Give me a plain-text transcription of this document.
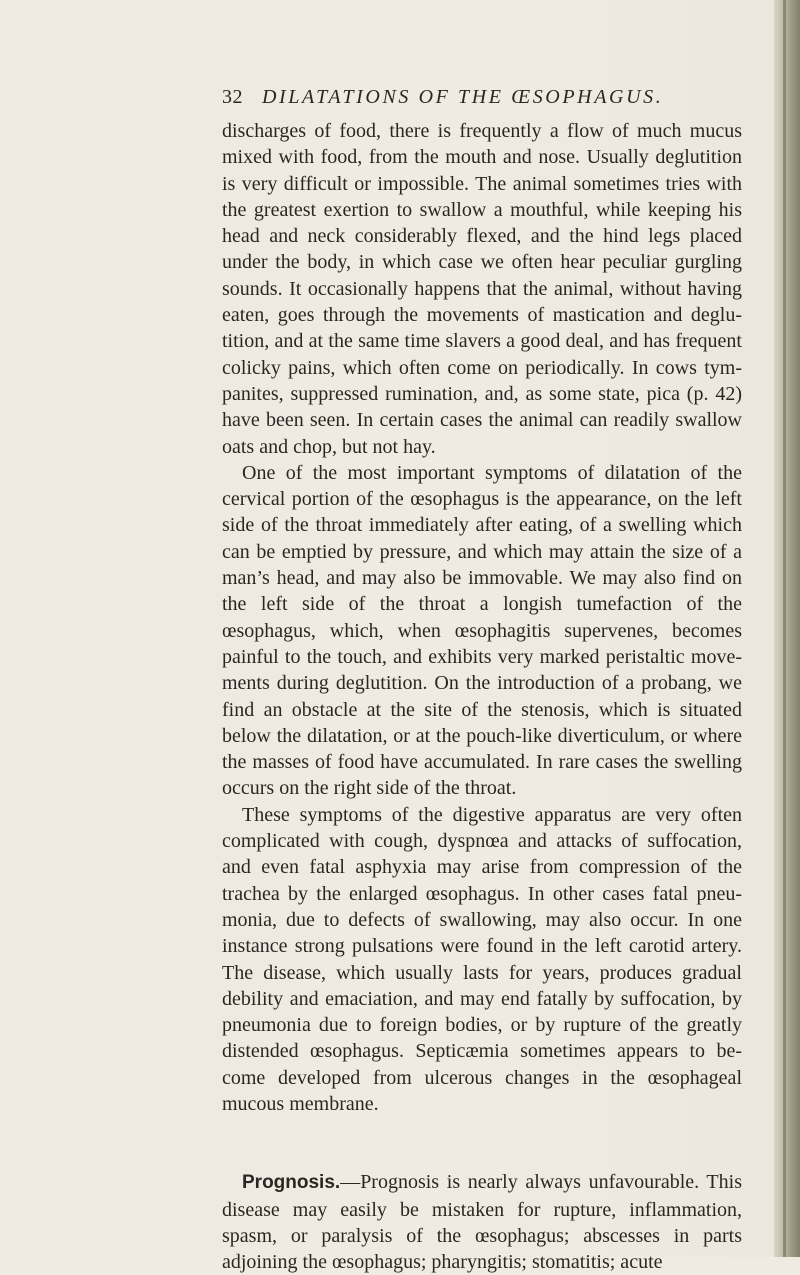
32 DILATATIONS OF THE ŒSOPHAGUS.

discharges of food, there is frequently a flow of much mucus mixed with food, from the mouth and nose. Usually deglutition is very difficult or impossible. The animal sometimes tries with the greatest exertion to swallow a mouthful, while keeping his head and neck considerably flexed, and the hind legs placed under the body, in which case we often hear peculiar gurgling sounds. It occasionally happens that the animal, without having eaten, goes through the movements of mastication and deglu- tition, and at the same time slavers a good deal, and has frequent colicky pains, which often come on periodically. In cows tym- panites, suppressed rumination, and, as some state, pica (p. 42) have been seen. In certain cases the animal can readily swallow oats and chop, but not hay.

One of the most important symptoms of dilatation of the cervical portion of the œsophagus is the appearance, on the left side of the throat immediately after eating, of a swelling which can be emptied by pressure, and which may attain the size of a man’s head, and may also be immovable. We may also find on the left side of the throat a longish tumefaction of the œsophagus, which, when œsophagitis supervenes, becomes painful to the touch, and exhibits very marked peristaltic move- ments during deglutition. On the introduction of a probang, we find an obstacle at the site of the stenosis, which is situated below the dilatation, or at the pouch-like diverticulum, or where the masses of food have accumulated. In rare cases the swelling occurs on the right side of the throat.

These symptoms of the digestive apparatus are very often complicated with cough, dyspnœa and attacks of suffocation, and even fatal asphyxia may arise from compression of the trachea by the enlarged œsophagus. In other cases fatal pneu- monia, due to defects of swallowing, may also occur. In one instance strong pulsations were found in the left carotid artery. The disease, which usually lasts for years, produces gradual debility and emaciation, and may end fatally by suffocation, by pneumonia due to foreign bodies, or by rupture of the greatly distended œsophagus. Septicæmia sometimes appears to be- come developed from ulcerous changes in the œsophageal mucous membrane.

Prognosis.—Prognosis is nearly always unfavourable. This disease may easily be mistaken for rupture, inflammation, spasm, or paralysis of the œsophagus; abscesses in parts adjoining the œsophagus; pharyngitis; stomatitis; acute
